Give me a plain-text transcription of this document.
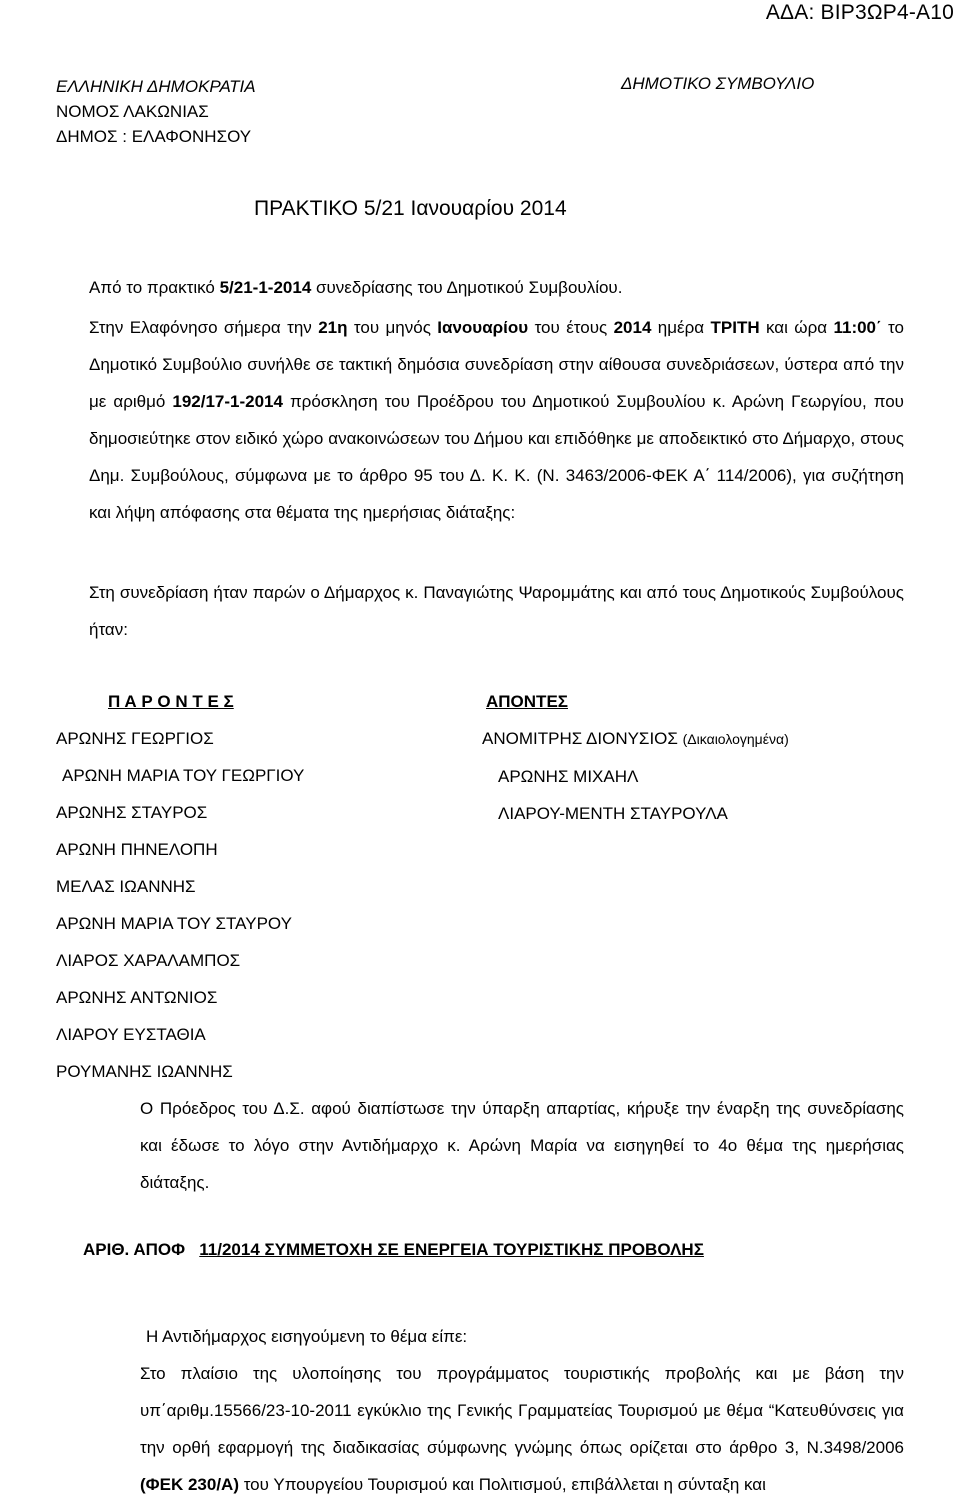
ΑΔΑ: ΒΙΡ3ΩΡ4-Α10
ΕΛΛΗΝΙΚΗ ΔΗΜΟΚΡΑΤΙΑ
ΝΟΜΟΣ ΛΑΚΩΝΙΑΣ
ΔΗΜΟΣ : ΕΛΑΦΟΝΗΣΟΥ
ΔΗΜΟΤΙΚΟ ΣΥΜΒΟΥΛΙΟ
ΠΡΑΚΤΙΚΟ 5/21 Ιανουαρίου 2014
Από το πρακτικό 5/21-1-2014 συνεδρίασης του Δημοτικού Συμβουλίου.
Στην Ελαφόνησο σήμερα την 21η του μηνός Ιανουαρίου του έτους 2014 ημέρα ΤΡΙΤΗ και ώρα 11:00΄ το Δημοτικό Συμβούλιο συνήλθε σε τακτική δημόσια συνεδρίαση στην αίθουσα συνεδριάσεων, ύστερα από την με αριθμό 192/17-1-2014 πρόσκληση του Προέδρου του Δημοτικού Συμβουλίου κ. Αρώνη Γεωργίου, που δημοσιεύτηκε στον ειδικό χώρο ανακοινώσεων του Δήμου και επιδόθηκε με αποδεικτικό στο Δήμαρχο, στους Δημ. Συμβούλους, σύμφωνα με το άρθρο 95 του Δ. Κ. Κ. (Ν. 3463/2006-ΦΕΚ Α΄ 114/2006), για συζήτηση και λήψη απόφασης στα θέματα της ημερήσιας διάταξης:
Στη συνεδρίαση ήταν παρών ο Δήμαρχος κ. Παναγιώτης Ψαρομμάτης και από τους Δημοτικούς Συμβούλους ήταν:
Π Α Ρ Ο Ν Τ Ε Σ
ΑΡΩΝΗΣ ΓΕΩΡΓΙΟΣ
ΑΡΩΝΗ ΜΑΡΙΑ ΤΟΥ ΓΕΩΡΓΙΟΥ
ΑΡΩΝΗΣ ΣΤΑΥΡΟΣ
ΑΡΩΝΗ ΠΗΝΕΛΟΠΗ
ΜΕΛΑΣ ΙΩΑΝΝΗΣ
ΑΡΩΝΗ ΜΑΡΙΑ ΤΟΥ ΣΤΑΥΡΟΥ
ΛΙΑΡΟΣ ΧΑΡΑΛΑΜΠΟΣ
ΑΡΩΝΗΣ ΑΝΤΩΝΙΟΣ
ΛΙΑΡΟΥ ΕΥΣΤΑΘΙΑ
ΡΟΥΜΑΝΗΣ ΙΩΑΝΝΗΣ
ΑΠΟΝΤΕΣ
ΑΝΟΜΙΤΡΗΣ ΔΙΟΝΥΣΙΟΣ (Δικαιολογημένα)
ΑΡΩΝΗΣ ΜΙΧΑΗΛ
ΛΙΑΡΟΥ-ΜΕΝΤΗ ΣΤΑΥΡΟΥΛΑ
Ο Πρόεδρος του Δ.Σ. αφού διαπίστωσε την ύπαρξη απαρτίας, κήρυξε την έναρξη της συνεδρίασης και έδωσε το λόγο στην Αντιδήμαρχο κ. Αρώνη Μαρία να εισηγηθεί το 4ο θέμα της ημερήσιας διάταξης.
ΑΡΙΘ. ΑΠΟΦ 11/2014 ΣΥΜΜΕΤΟΧΗ ΣΕ ΕΝΕΡΓΕΙΑ ΤΟΥΡΙΣΤΙΚΗΣ ΠΡΟΒΟΛΗΣ
Η Αντιδήμαρχος εισηγούμενη το θέμα είπε:
Στο πλαίσιο της υλοποίησης του προγράμματος τουριστικής προβολής και με βάση την υπ΄αριθμ.15566/23-10-2011 εγκύκλιο της Γενικής Γραμματείας Τουρισμού με θέμα “Κατευθύνσεις για την ορθή εφαρμογή της διαδικασίας σύμφωνης γνώμης όπως ορίζεται στο άρθρο 3, Ν.3498/2006 (ΦΕΚ 230/Α) του Υπουργείου Τουρισμού και Πολιτισμού, επιβάλλεται η σύνταξη και
